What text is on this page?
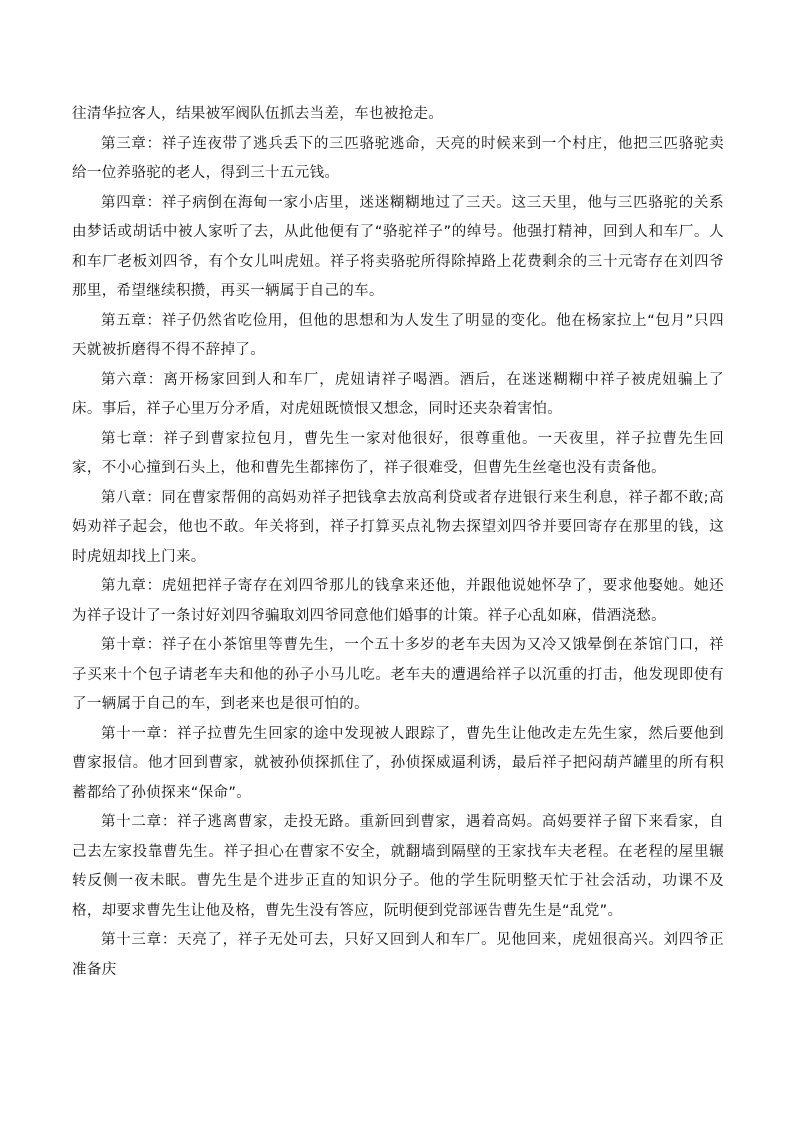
往清华拉客人，结果被军阀队伍抓去当差，车也被抢走。

第三章：祥子连夜带了逃兵丢下的三匹骆驼逃命，天亮的时候来到一个村庄，他把三匹骆驼卖给一位养骆驼的老人，得到三十五元钱。

第四章：祥子病倒在海甸一家小店里，迷迷糊糊地过了三天。这三天里，他与三匹骆驼的关系由梦话或胡话中被人家听了去，从此他便有了“骆驼祥子”的绰号。他强打精神，回到人和车厂。人和车厂老板刘四爷，有个女儿叫虎妞。祥子将卖骆驼所得除掉路上花费剩余的三十元寄存在刘四爷那里，希望继续积攒，再买一辆属于自己的车。

第五章：祥子仍然省吃俭用，但他的思想和为人发生了明显的变化。他在杨家拉上“包月”只四天就被折磨得不得不辞掉了。

第六章：离开杨家回到人和车厂，虎妞请祥子喝酒。酒后，在迷迷糊糊中祥子被虎妞骗上了床。事后，祥子心里万分矛盾，对虎妞既愤恨又想念，同时还夹杂着害怕。

第七章：祥子到曹家拉包月，曹先生一家对他很好，很尊重他。一天夜里，祥子拉曹先生回家，不小心撞到石头上，他和曹先生都摔伤了，祥子很难受，但曹先生丝毫也没有责备他。

第八章：同在曹家帮佣的高妈劝祥子把钱拿去放高利贷或者存进银行来生利息，祥子都不敢;高妈劝祥子起会，他也不敢。年关将到，祥子打算买点礼物去探望刘四爷并要回寄存在那里的钱，这时虎妞却找上门来。

第九章：虎妞把祥子寄存在刘四爷那儿的钱拿来还他，并跟他说她怀孕了，要求他娶她。她还为祥子设计了一条讨好刘四爷骗取刘四爷同意他们婚事的计策。祥子心乱如麻，借酒浇愁。

第十章：祥子在小茶馆里等曹先生，一个五十多岁的老车夫因为又冷又饿晕倒在茶馆门口，祥子买来十个包子请老车夫和他的孙子小马儿吃。老车夫的遭遇给祥子以沉重的打击，他发现即使有了一辆属于自己的车，到老来也是很可怕的。

第十一章：祥子拉曹先生回家的途中发现被人跟踪了，曹先生让他改走左先生家，然后要他到曹家报信。他才回到曹家，就被孙侦探抓住了，孙侦探威逼利诱，最后祥子把闷葫芦罐里的所有积蓄都给了孙侦探来“保命”。

第十二章：祥子逃离曹家，走投无路。重新回到曹家，遇着高妈。高妈要祥子留下来看家，自己去左家投靠曹先生。祥子担心在曹家不安全，就翻墙到隔壁的王家找车夫老程。在老程的屋里辗转反侧一夜未眠。曹先生是个进步正直的知识分子。他的学生阮明整天忙于社会活动，功课不及格，却要求曹先生让他及格，曹先生没有答应，阮明便到党部诬告曹先生是“乱党”。

第十三章：天亮了，祥子无处可去，只好又回到人和车厂。见他回来，虎妞很高兴。刘四爷正准备庆
